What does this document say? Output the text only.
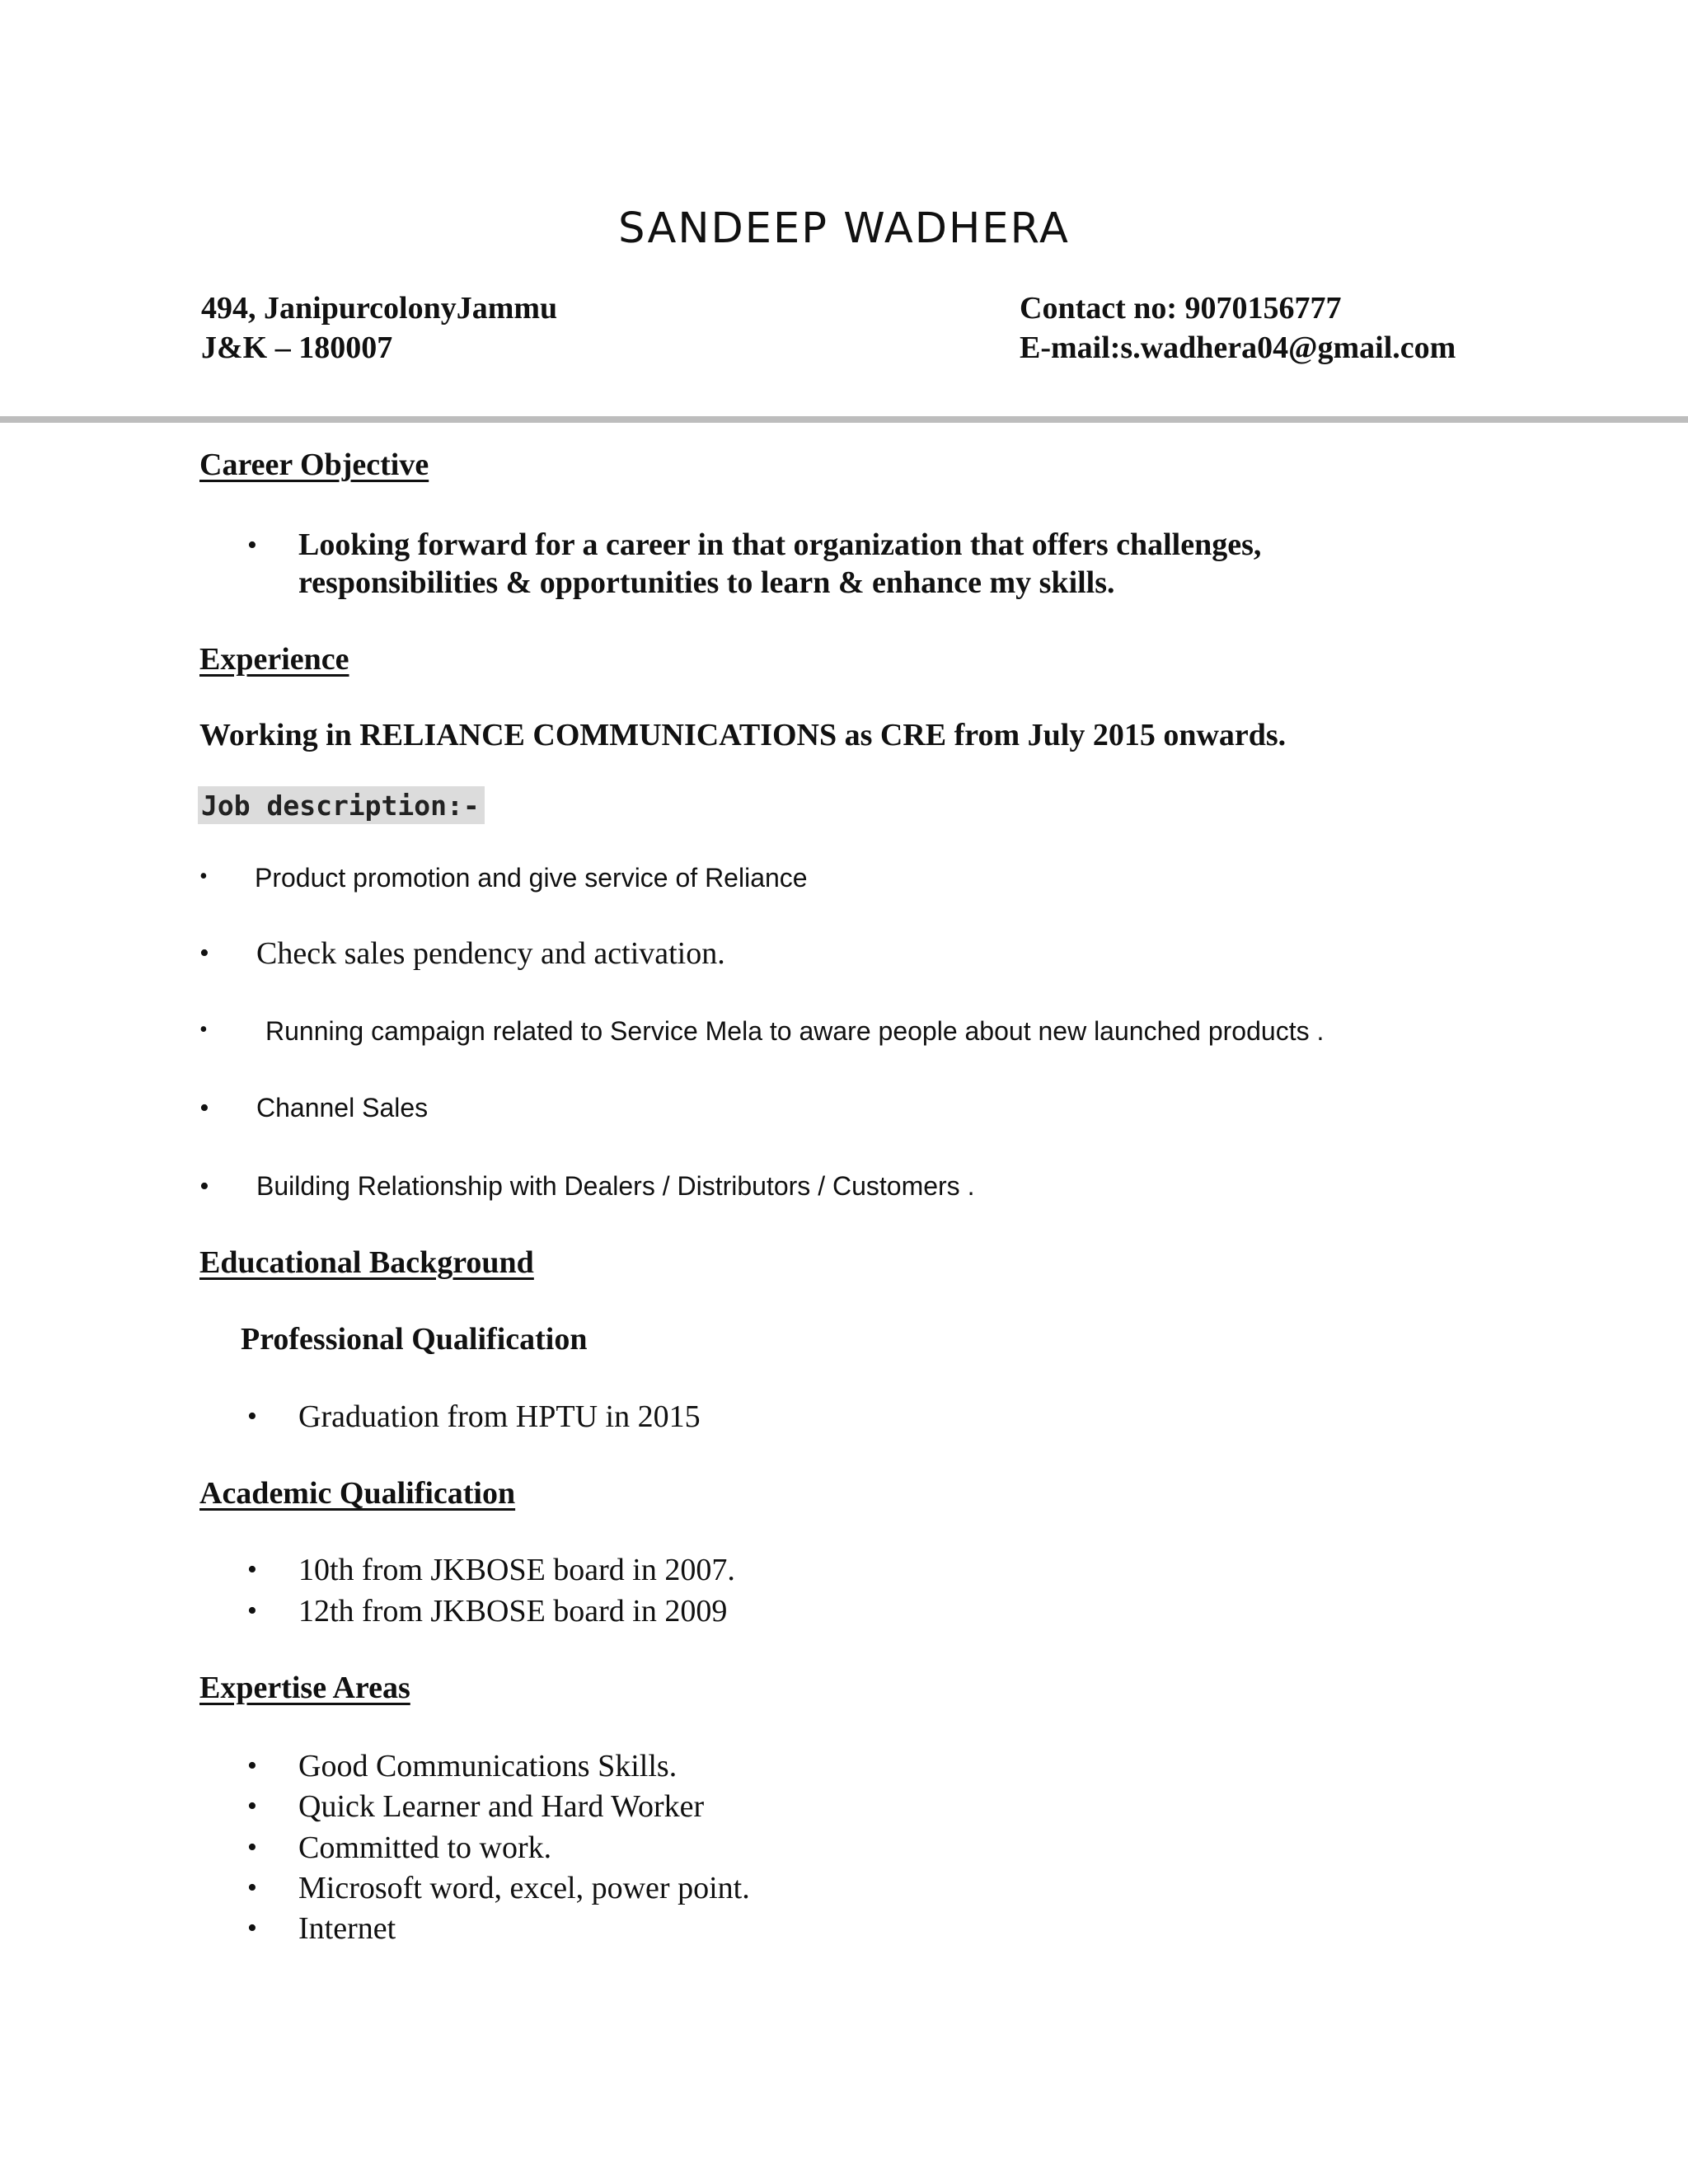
SANDEEP WADHERA
494, JanipurcolonyJammu
J&K – 180007
Contact no: 9070156777
E-mail:s.wadhera04@gmail.com
Career Objective
• Looking forward for a career in that organization that offers challenges,
responsibilities & opportunities to learn & enhance my skills.
Experience
Working in RELIANCE COMMUNICATIONS as CRE from July 2015 onwards.
Job description:-
• Product promotion and give service of Reliance
• Check sales pendency and activation.
• Running campaign related to Service Mela to aware people about new launched products .
• Channel Sales
• Building Relationship with Dealers / Distributors / Customers .
Educational Background
Professional Qualification
• Graduation from HPTU in 2015
Academic Qualification
• 10th from JKBOSE board in 2007.
• 12th from JKBOSE board in 2009
Expertise Areas
• Good Communications Skills.
• Quick Learner and Hard Worker
• Committed to work.
• Microsoft word, excel, power point.
• Internet
